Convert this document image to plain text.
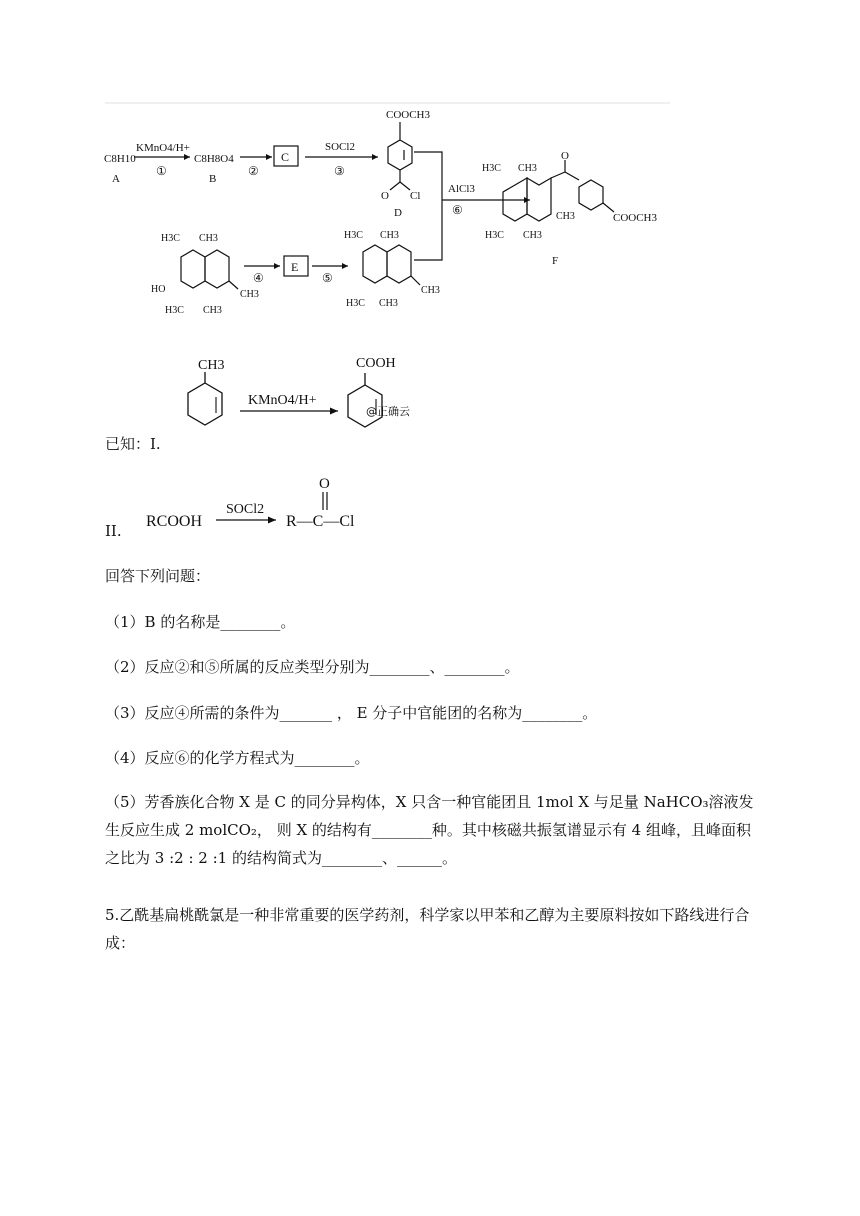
C8H10
A
KMnO4/H+
①
C8H8O4
B
②
C
SOCl2
③
COOCH3
O Cl
D
AlCl3
⑥
O
H3C CH3
CH3
H3C CH3
COOCH3
F
H3C CH3
HO	CH3
H3C CH3
④
E
⑤
H3C CH3
CH3
H3C CH3
CH3
KMnO4/H+
COOH
@正确云
已知：I.
II.
RCOOH
SOCl2
R—C—Cl
O
回答下列问题：
（1）B 的名称是________。
（2）反应②和⑤所属的反应类型分别为________、________。
（3）反应④所需的条件为_______ ， E 分子中官能团的名称为________。
（4）反应⑥的化学方程式为________。
（5）芳香族化合物 X 是 C 的同分异构体，X 只含一种官能团且 1mol X 与足量 NaHCO₃溶液发生反应生成 2 molCO₂， 则 X 的结构有________种。其中核磁共振氢谱显示有 4 组峰，且峰面积之比为 3 :2 : 2 :1 的结构简式为________、______。
5.乙酰基扁桃酰氯是一种非常重要的医学药剂，科学家以甲苯和乙醇为主要原料按如下路线进行合成：
